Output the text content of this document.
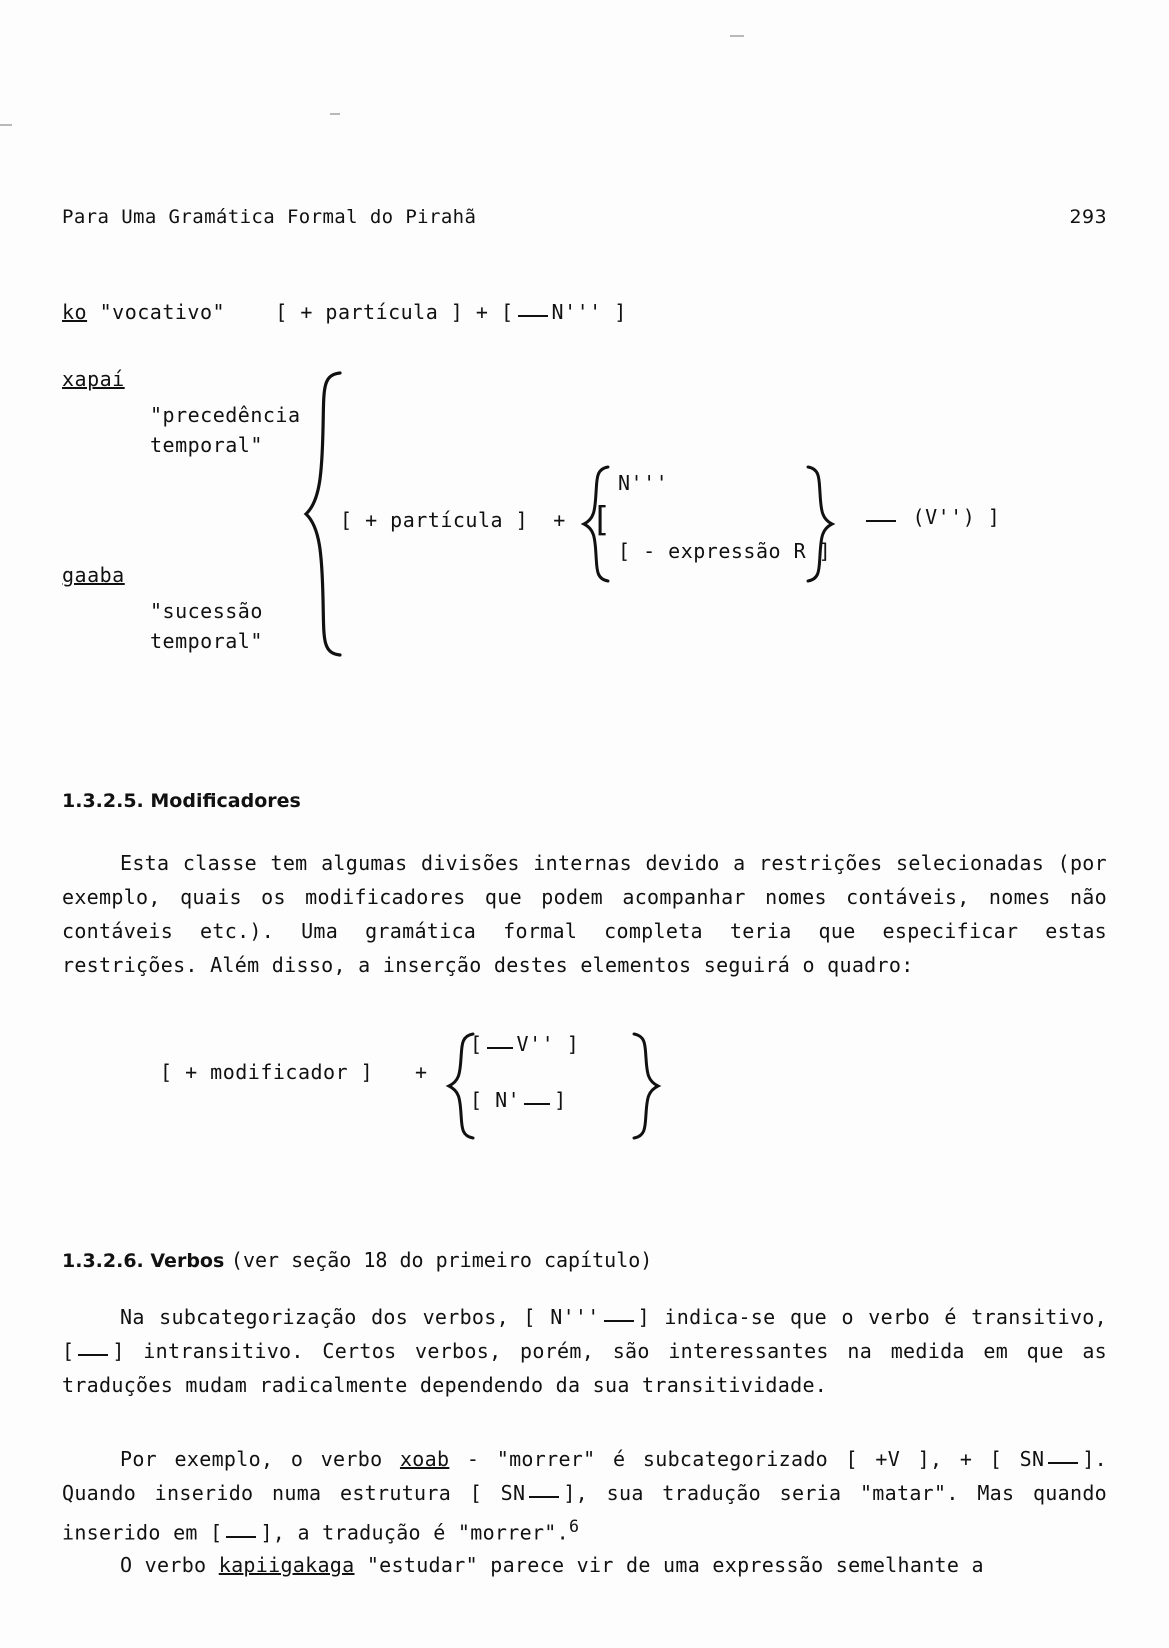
Para Uma Gramática Formal do Pirahã	293
ko "vocativo"	[ + partícula ] + [ N''' ]
xapaí
"precedência
temporal"
gaaba
"sucessão
temporal"
[ + partícula ] + [
N'''
[ - expressão R ]
(V'') ]
1.3.2.5. Modificadores
Esta classe tem algumas divisões internas devido a restrições selecionadas (por exemplo, quais os modificadores que podem acompanhar nomes contáveis, nomes não contáveis etc.). Uma gramática formal completa teria que especificar estas restrições. Além disso, a inserção destes elementos seguirá o quadro:
[ + modificador ] +
[ V'' ]
[ N' ]
1.3.2.6. Verbos (ver seção 18 do primeiro capítulo)
Na subcategorização dos verbos, [ N''' ] indica-se que o verbo é transitivo, [ ] intransitivo. Certos verbos, porém, são interessantes na medida em que as traduções mudam radicalmente dependendo da sua transitividade.
Por exemplo, o verbo xoab - "morrer" é subcategorizado [ +V ], + [ SN ]. Quando inserido numa estrutura [ SN ], sua tradução seria "matar". Mas quando inserido em [ ], a tradução é "morrer".$^6$
O verbo kapiigakaga "estudar" parece vir de uma expressão semelhante a
